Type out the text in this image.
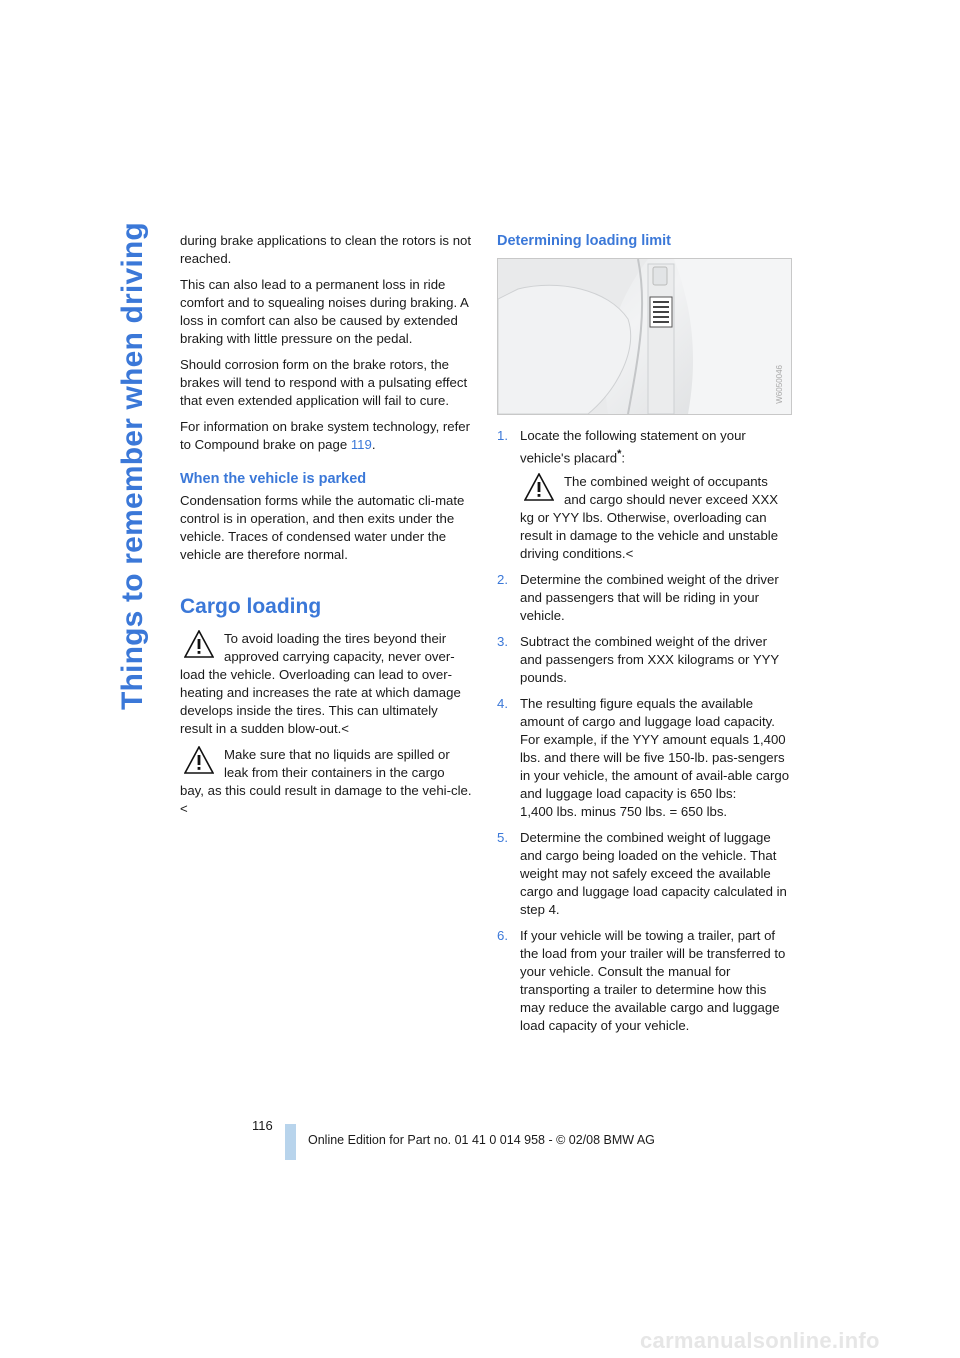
Things to remember when driving	during brake applications to clean the rotors is not reached.

This can also lead to a permanent loss in ride comfort and to squealing noises during braking. A loss in comfort can also be caused by extended braking with little pressure on the pedal.

Should corrosion form on the brake rotors, the brakes will tend to respond with a pulsating effect that even extended application will fail to cure.

For information on brake system technology, refer to Compound brake on page 119.

When the vehicle is parked

Condensation forms while the automatic cli-mate control is in operation, and then exits under the vehicle. Traces of condensed water under the vehicle are therefore normal.

Cargo loading
To avoid loading the tires beyond their approved carrying capacity, never over-load the vehicle. Overloading can lead to over-heating and increases the rate at which damage develops inside the tires. This can ultimately result in a sudden blow-out.<
Make sure that no liquids are spilled or leak from their containers in the cargo bay, as this could result in damage to the vehi-cle.<
Determining loading limit
W6050046
1. Locate the following statement on your vehicle's placard*:
The combined weight of occupants and cargo should never exceed XXX kg or YYY lbs. Otherwise, overloading can result in damage to the vehicle and unstable driving conditions.<
2. Determine the combined weight of the driver and passengers that will be riding in your vehicle.
3. Subtract the combined weight of the driver and passengers from XXX kilograms or YYY pounds.
4. The resulting figure equals the available amount of cargo and luggage load capacity. For example, if the YYY amount equals 1,400 lbs. and there will be five 150-lb. pas-sengers in your vehicle, the amount of avail-able cargo and luggage load capacity is 650 lbs:
1,400 lbs. minus 750 lbs. = 650 lbs.
5. Determine the combined weight of luggage and cargo being loaded on the vehicle. That weight may not safely exceed the available cargo and luggage load capacity calculated in step 4.
6. If your vehicle will be towing a trailer, part of the load from your trailer will be transferred to your vehicle. Consult the manual for transporting a trailer to determine how this may reduce the available cargo and luggage load capacity of your vehicle.
116
Online Edition for Part no. 01 41 0 014 958 - © 02/08 BMW AG
carmanualsonline.info
